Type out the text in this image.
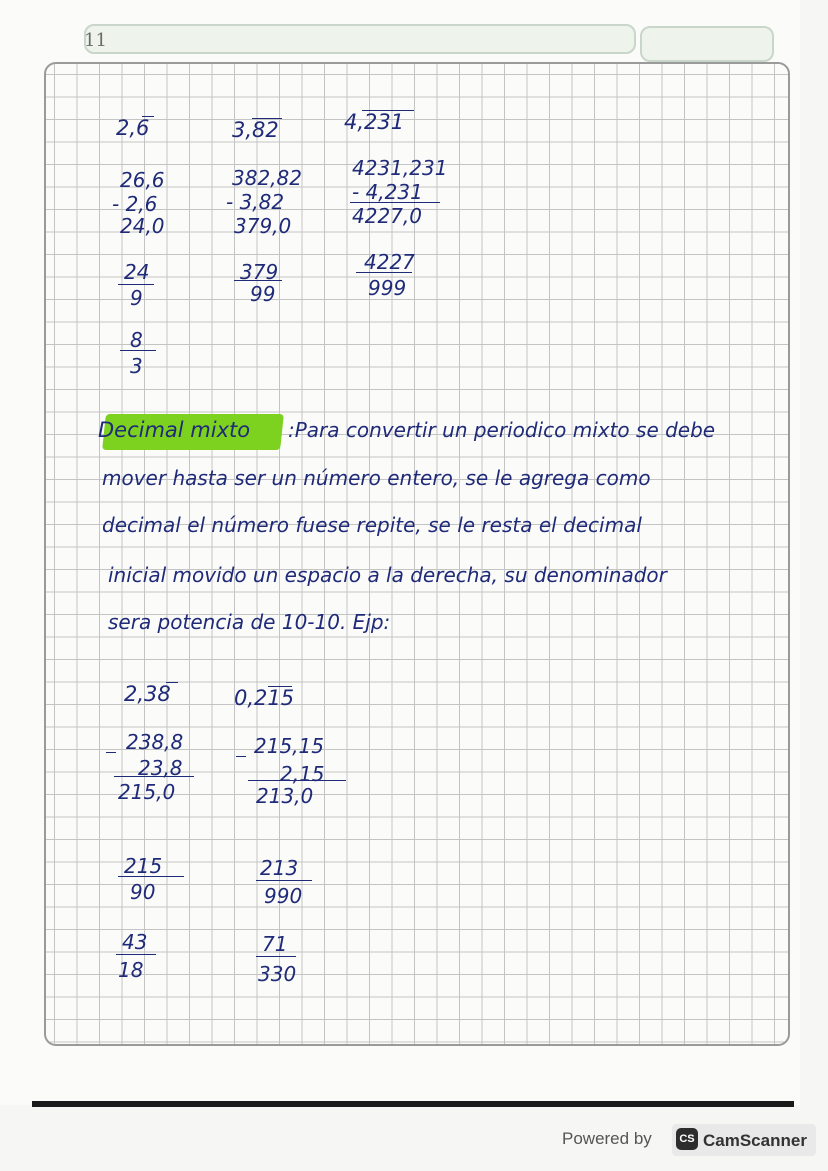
11
2,6
26,6
- 2,6
24,0
24
9
8
3
3,82
382,82
- 3,82
379,0
379
99
4,231
4231,231
- 4,231
4227,0
4227
999
Decimal mixto :Para convertir un periodico mixto se debe
mover hasta ser un número entero, se le agrega como
decimal el número fuese repite, se le resta el decimal
inicial movido un espacio a la derecha, su denominador
sera potencia de 10-10. Ejp:
2,38
238,8
23,8
215,0
215
90
43
18
0,215
215,15
2,15
213,0
213
990
71
330
Powered by	CS CamScanner
